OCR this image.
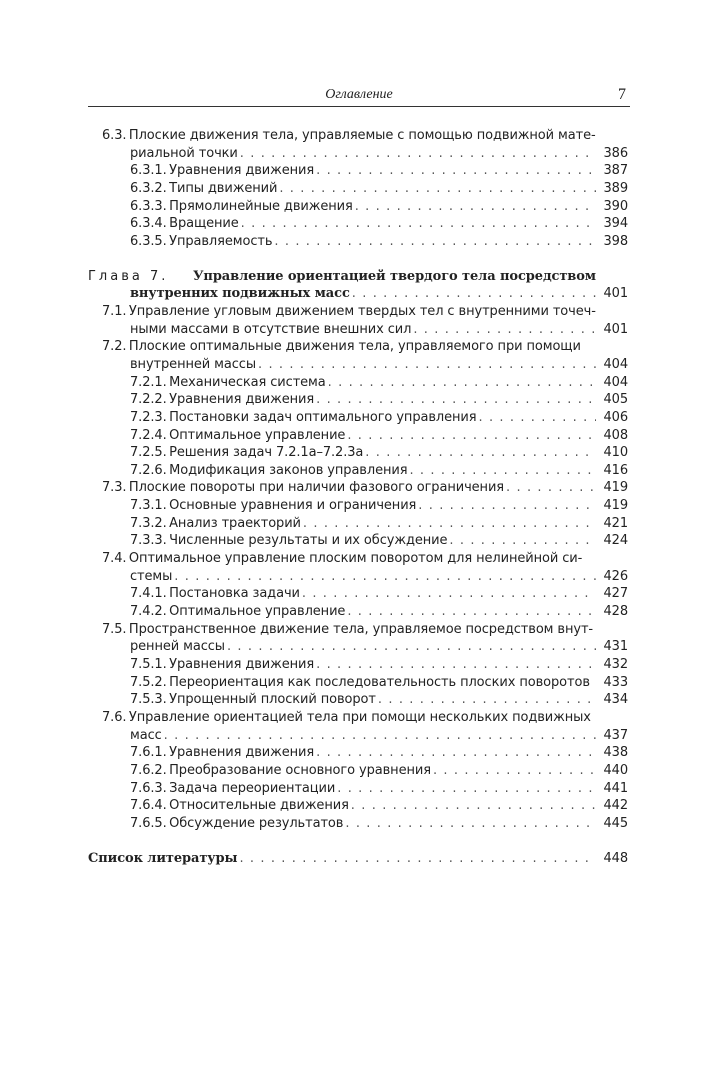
Оглавление	7
6.3.
  Плоские движения тела, управляемые с помощью подвижной мате-
риальной точки . . .	386
6.3.1.
  Уравнения движения . . .	387
6.3.2.
  Типы движений . . .	389
6.3.3.
  Прямолинейные движения . . .	390
6.3.4.
  Вращение . . .	394
6.3.5.
  Управляемость . . .	398
Глава 7.
Управление ориентацией твердого тела посредством
внутренних подвижных масс . . .	401
7.1.
  Управление угловым движением твердых тел с внутренними точеч-
ными массами в отсутствие внешних сил . . .	401
7.2.
  Плоские оптимальные движения тела, управляемого при помощи
внутренней массы . . .	404
7.2.1.
  Механическая система . . .	404
7.2.2.
  Уравнения движения . . .	405
7.2.3.
  Постановки задач оптимального управления . . .	406
7.2.4.
  Оптимальное управление . . .	408
7.2.5.
  Решения задач 7.2.1а–7.2.3а . . .	410
7.2.6.
  Модификация законов управления . . .	416
7.3.
  Плоские повороты при наличии фазового ограничения . . .	419
7.3.1.
  Основные уравнения и ограничения . . .	419
7.3.2.
  Анализ траекторий . . .	421
7.3.3.
  Численные результаты и их обсуждение . . .	424
7.4.
  Оптимальное управление плоским поворотом для нелинейной си-
стемы . . .	426
7.4.1.
  Постановка задачи . . .	427
7.4.2.
  Оптимальное управление . . .	428
7.5.
  Пространственное движение тела, управляемое посредством внут-
ренней массы . . .	431
7.5.1.
  Уравнения движения . . .	432
7.5.2.
  Переориентация как последовательность плоских поворотов 433
7.5.3.
  Упрощенный плоский поворот . . .	434
7.6.
  Управление ориентацией тела при помощи нескольких подвижных
масс . . .	437
7.6.1.
  Уравнения движения . . .	438
7.6.2.
  Преобразование основного уравнения . . .	440
7.6.3.
  Задача переориентации . . .	441
7.6.4.
  Относительные движения . . .	442
7.6.5.
  Обсуждение результатов . . .	445
Список литературы . . .	448
